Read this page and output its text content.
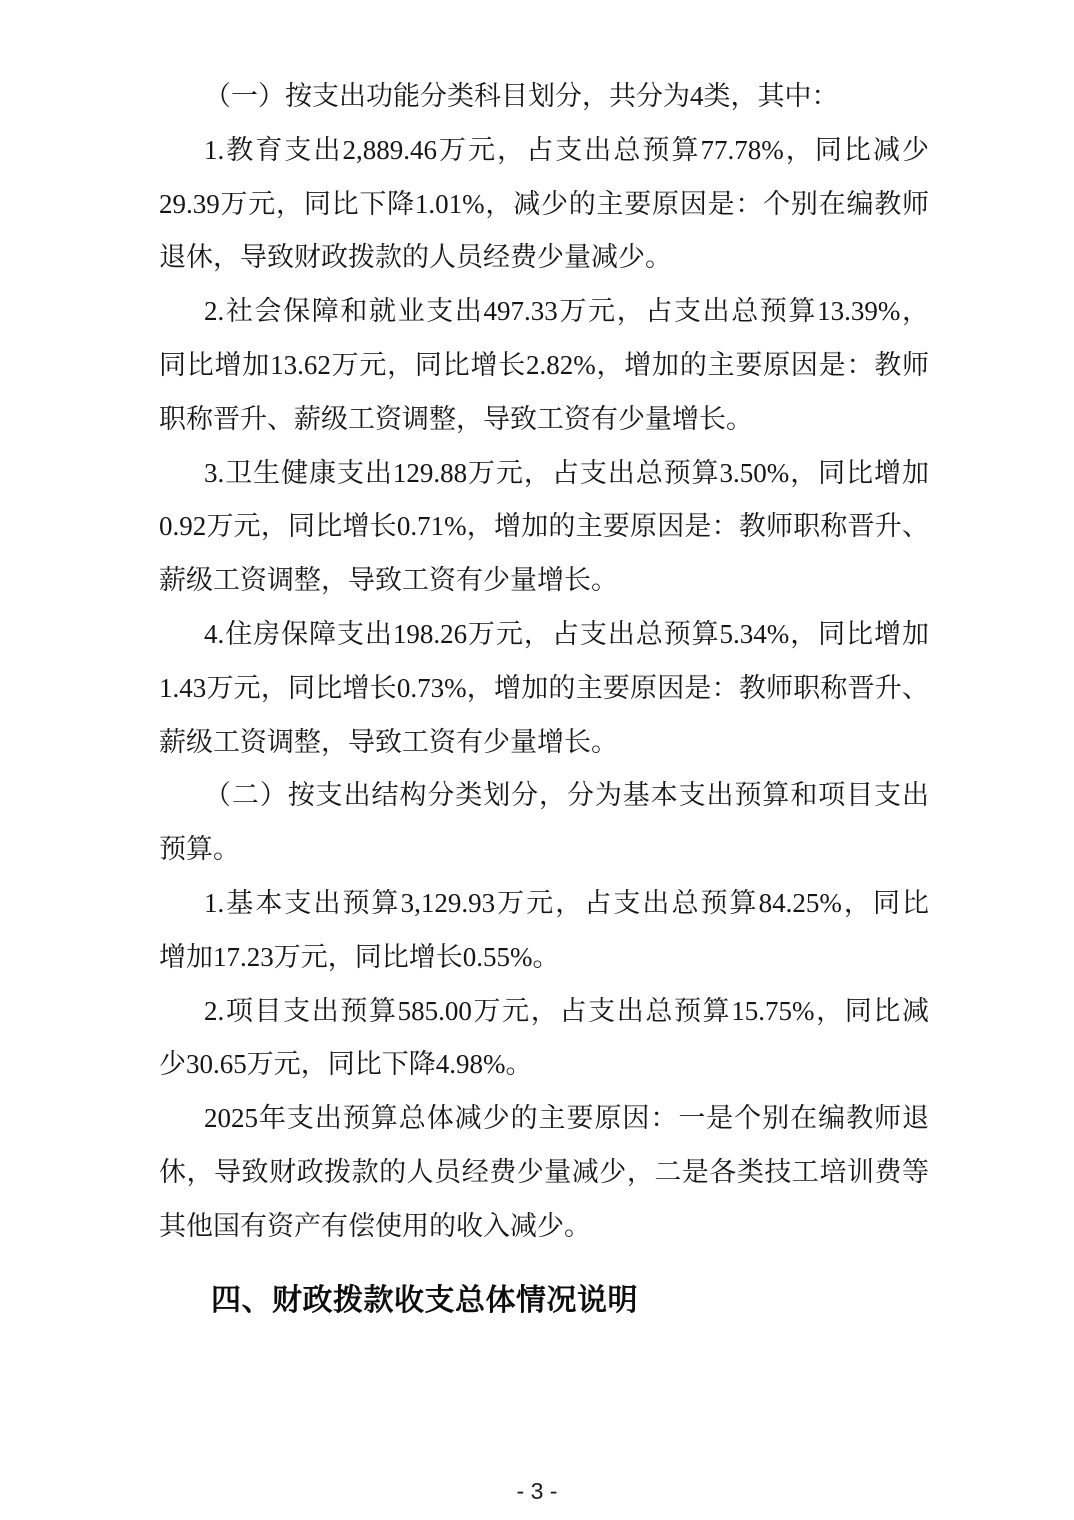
（一）按支出功能分类科目划分，共分为4类，其中：
1.教育支出2,889.46万元，占支出总预算77.78%，同比减少
29.39万元，同比下降1.01%，减少的主要原因是：个别在编教师
退休，导致财政拨款的人员经费少量减少。
2.社会保障和就业支出497.33万元，占支出总预算13.39%，
同比增加13.62万元，同比增长2.82%，增加的主要原因是：教师
职称晋升、薪级工资调整，导致工资有少量增长。
3.卫生健康支出129.88万元，占支出总预算3.50%，同比增加
0.92万元，同比增长0.71%，增加的主要原因是：教师职称晋升、
薪级工资调整，导致工资有少量增长。
4.住房保障支出198.26万元，占支出总预算5.34%，同比增加
1.43万元，同比增长0.73%，增加的主要原因是：教师职称晋升、
薪级工资调整，导致工资有少量增长。
（二）按支出结构分类划分，分为基本支出预算和项目支出
预算。
1.基本支出预算3,129.93万元，占支出总预算84.25%，同比
增加17.23万元，同比增长0.55%。
2.项目支出预算585.00万元，占支出总预算15.75%，同比减
少30.65万元，同比下降4.98%。
2025年支出预算总体减少的主要原因：一是个别在编教师退
休，导致财政拨款的人员经费少量减少，二是各类技工培训费等
其他国有资产有偿使用的收入减少。
四、财政拨款收支总体情况说明
- 3 -
